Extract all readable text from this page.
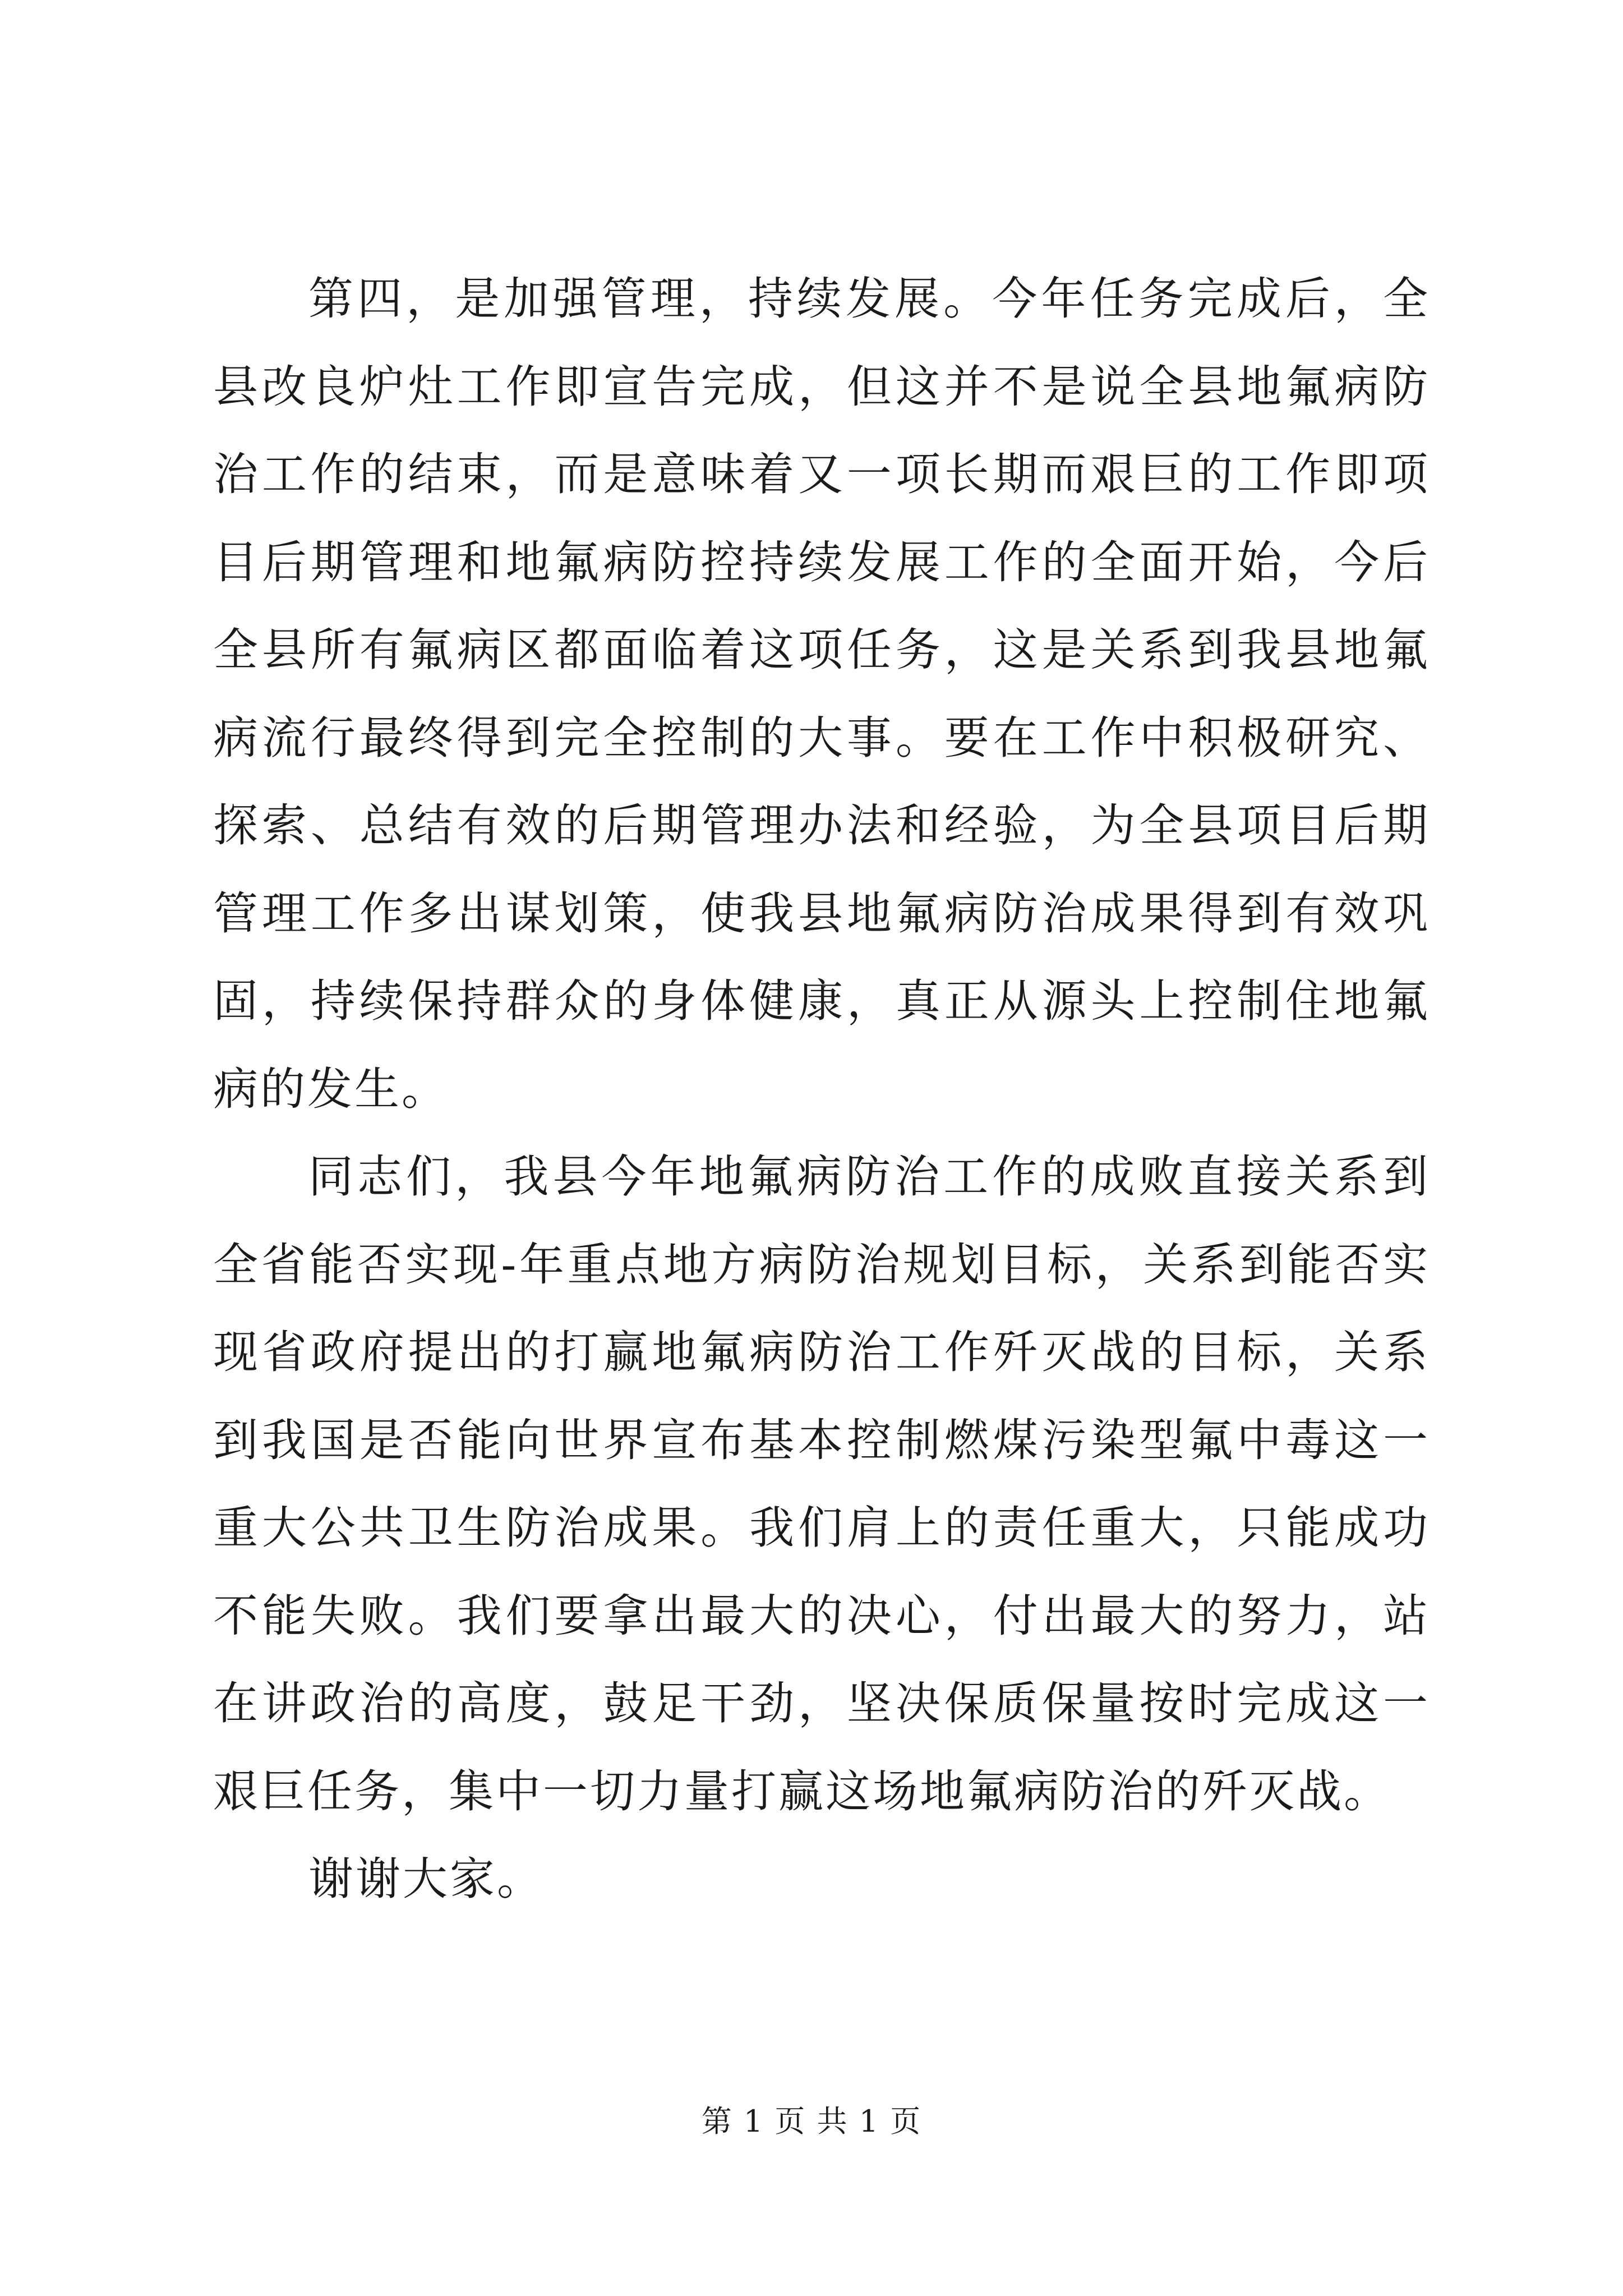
第四，是加强管理，持续发展。今年任务完成后，全县改良炉灶工作即宣告完成，但这并不是说全县地氟病防治工作的结束，而是意味着又一项长期而艰巨的工作即项目后期管理和地氟病防控持续发展工作的全面开始，今后全县所有氟病区都面临着这项任务，这是关系到我县地氟病流行最终得到完全控制的大事。要在工作中积极研究、探索、总结有效的后期管理办法和经验，为全县项目后期管理工作多出谋划策，使我县地氟病防治成果得到有效巩固，持续保持群众的身体健康，真正从源头上控制住地氟病的发生。

同志们，我县今年地氟病防治工作的成败直接关系到全省能否实现-年重点地方病防治规划目标，关系到能否实现省政府提出的打赢地氟病防治工作歼灭战的目标，关系到我国是否能向世界宣布基本控制燃煤污染型氟中毒这一重大公共卫生防治成果。我们肩上的责任重大，只能成功不能失败。我们要拿出最大的决心，付出最大的努力，站在讲政治的高度，鼓足干劲，坚决保质保量按时完成这一艰巨任务，集中一切力量打赢这场地氟病防治的歼灭战。

谢谢大家。

第 1 页 共 1 页
